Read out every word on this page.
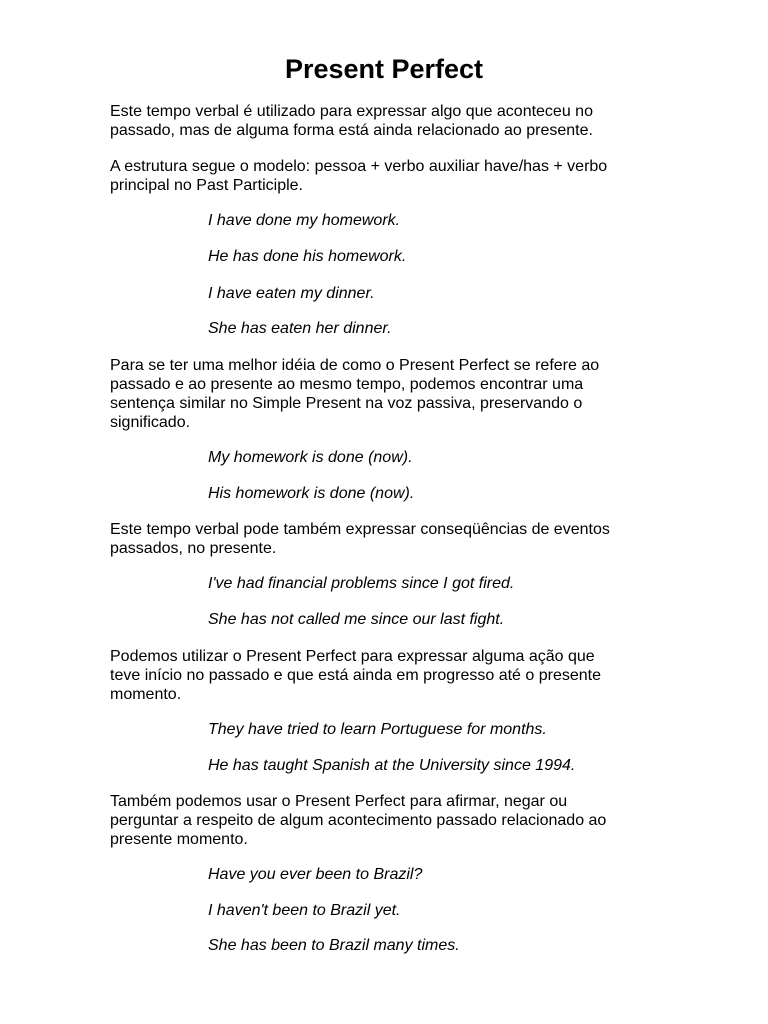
Present Perfect
Este tempo verbal é utilizado para expressar algo que aconteceu no
passado, mas de alguma forma está ainda relacionado ao presente.
A estrutura segue o modelo: pessoa + verbo auxiliar have/has + verbo
principal no Past Participle.
I have done my homework.
He has done his homework.
I have eaten my dinner.
She has eaten her dinner.
Para se ter uma melhor idéia de como o Present Perfect se refere ao
passado e ao presente ao mesmo tempo, podemos encontrar uma
sentença similar no Simple Present na voz passiva, preservando o
significado.
My homework is done (now).
His homework is done (now).
Este tempo verbal pode também expressar conseqüências de eventos
passados, no presente.
I've had financial problems since I got fired.
She has not called me since our last fight.
Podemos utilizar o Present Perfect para expressar alguma ação que
teve início no passado e que está ainda em progresso até o presente
momento.
They have tried to learn Portuguese for months.
He has taught Spanish at the University since 1994.
Também podemos usar o Present Perfect para afirmar, negar ou
perguntar a respeito de algum acontecimento passado relacionado ao
presente momento.
Have you ever been to Brazil?
I haven't been to Brazil yet.
She has been to Brazil many times.
